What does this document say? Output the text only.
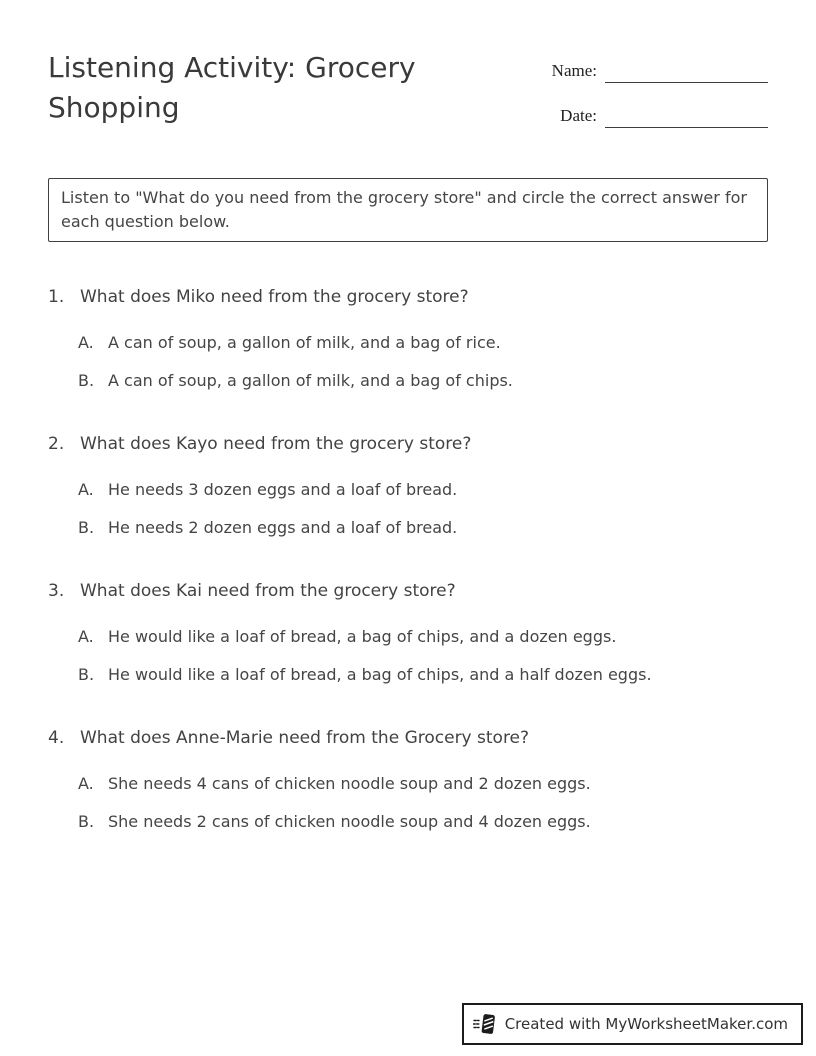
Listening Activity: Grocery Shopping
Name:
Date:
Listen to "What do you need from the grocery store" and circle the correct answer for each question below.
1. What does Miko need from the grocery store?
A. A can of soup, a gallon of milk, and a bag of rice.
B. A can of soup, a gallon of milk, and a bag of chips.
2. What does Kayo need from the grocery store?
A. He needs 3 dozen eggs and a loaf of bread.
B. He needs 2 dozen eggs and a loaf of bread.
3. What does Kai need from the grocery store?
A. He would like a loaf of bread, a bag of chips, and a dozen eggs.
B. He would like a loaf of bread, a bag of chips, and a half dozen eggs.
4. What does Anne-Marie need from the Grocery store?
A. She needs 4 cans of chicken noodle soup and 2 dozen eggs.
B. She needs 2 cans of chicken noodle soup and 4 dozen eggs.
Created with MyWorksheetMaker.com
